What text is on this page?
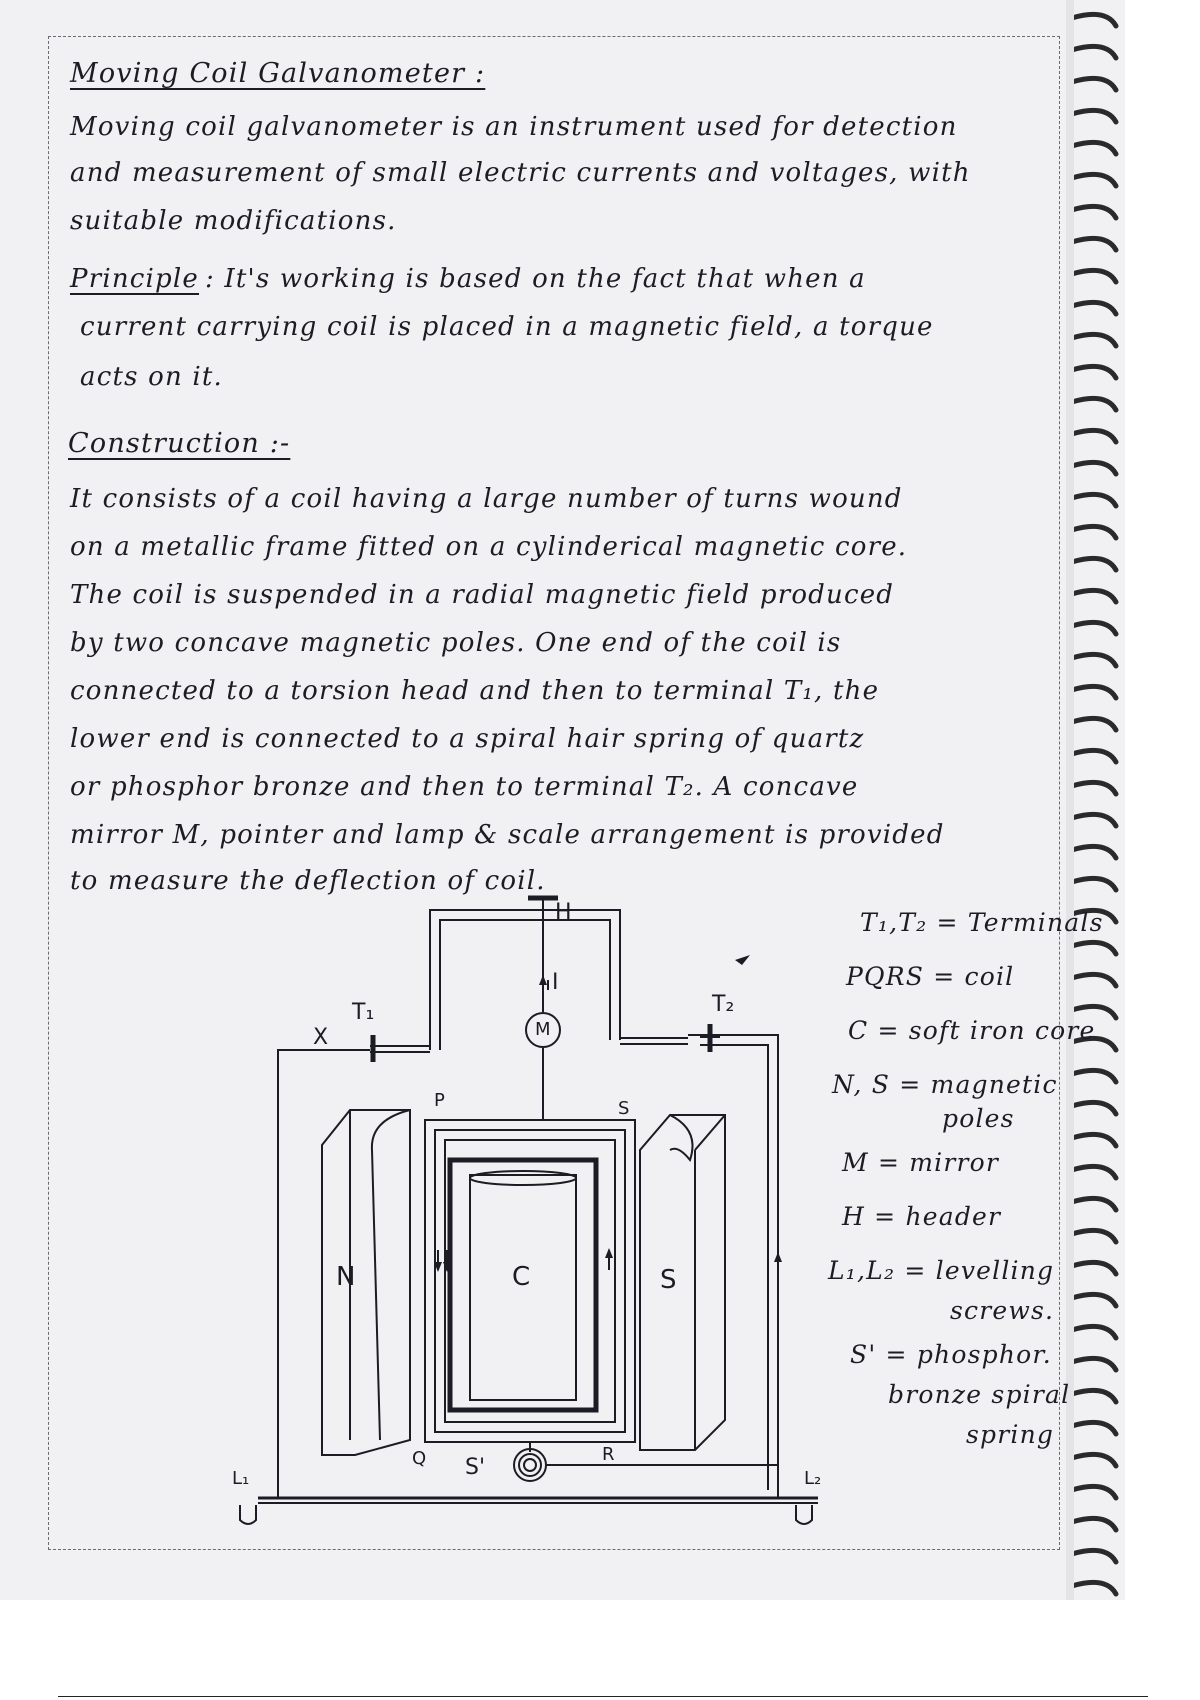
Moving Coil Galvanometer :
Moving coil galvanometer is an instrument used for detection
and measurement of small electric currents and voltages, with
suitable modifications.
Principle : It's working is based on the fact that when a
current carrying coil is placed in a magnetic field, a torque
acts on it.
Construction :-
It consists of a coil having a large number of turns wound
on a metallic frame fitted on a cylinderical magnetic core.
The coil is suspended in a radial magnetic field produced
by two concave magnetic poles. One end of the coil is
connected to a torsion head and then to terminal T₁, the
lower end is connected to a spiral hair spring of quartz
or phosphor bronze and then to terminal T₂. A concave
mirror M, pointer and lamp & scale arrangement is provided
to measure the deflection of coil.
H
I
M
T₁	T₂
X
P	S
N	C	S
Q	R
S'
L₁	L₂
T₁,T₂ = Terminals
PQRS = coil
C = soft iron core
N, S = magnetic
poles
M = mirror
H = header
L₁,L₂ = levelling
screws.
S' = phosphor.
bronze spiral
spring
